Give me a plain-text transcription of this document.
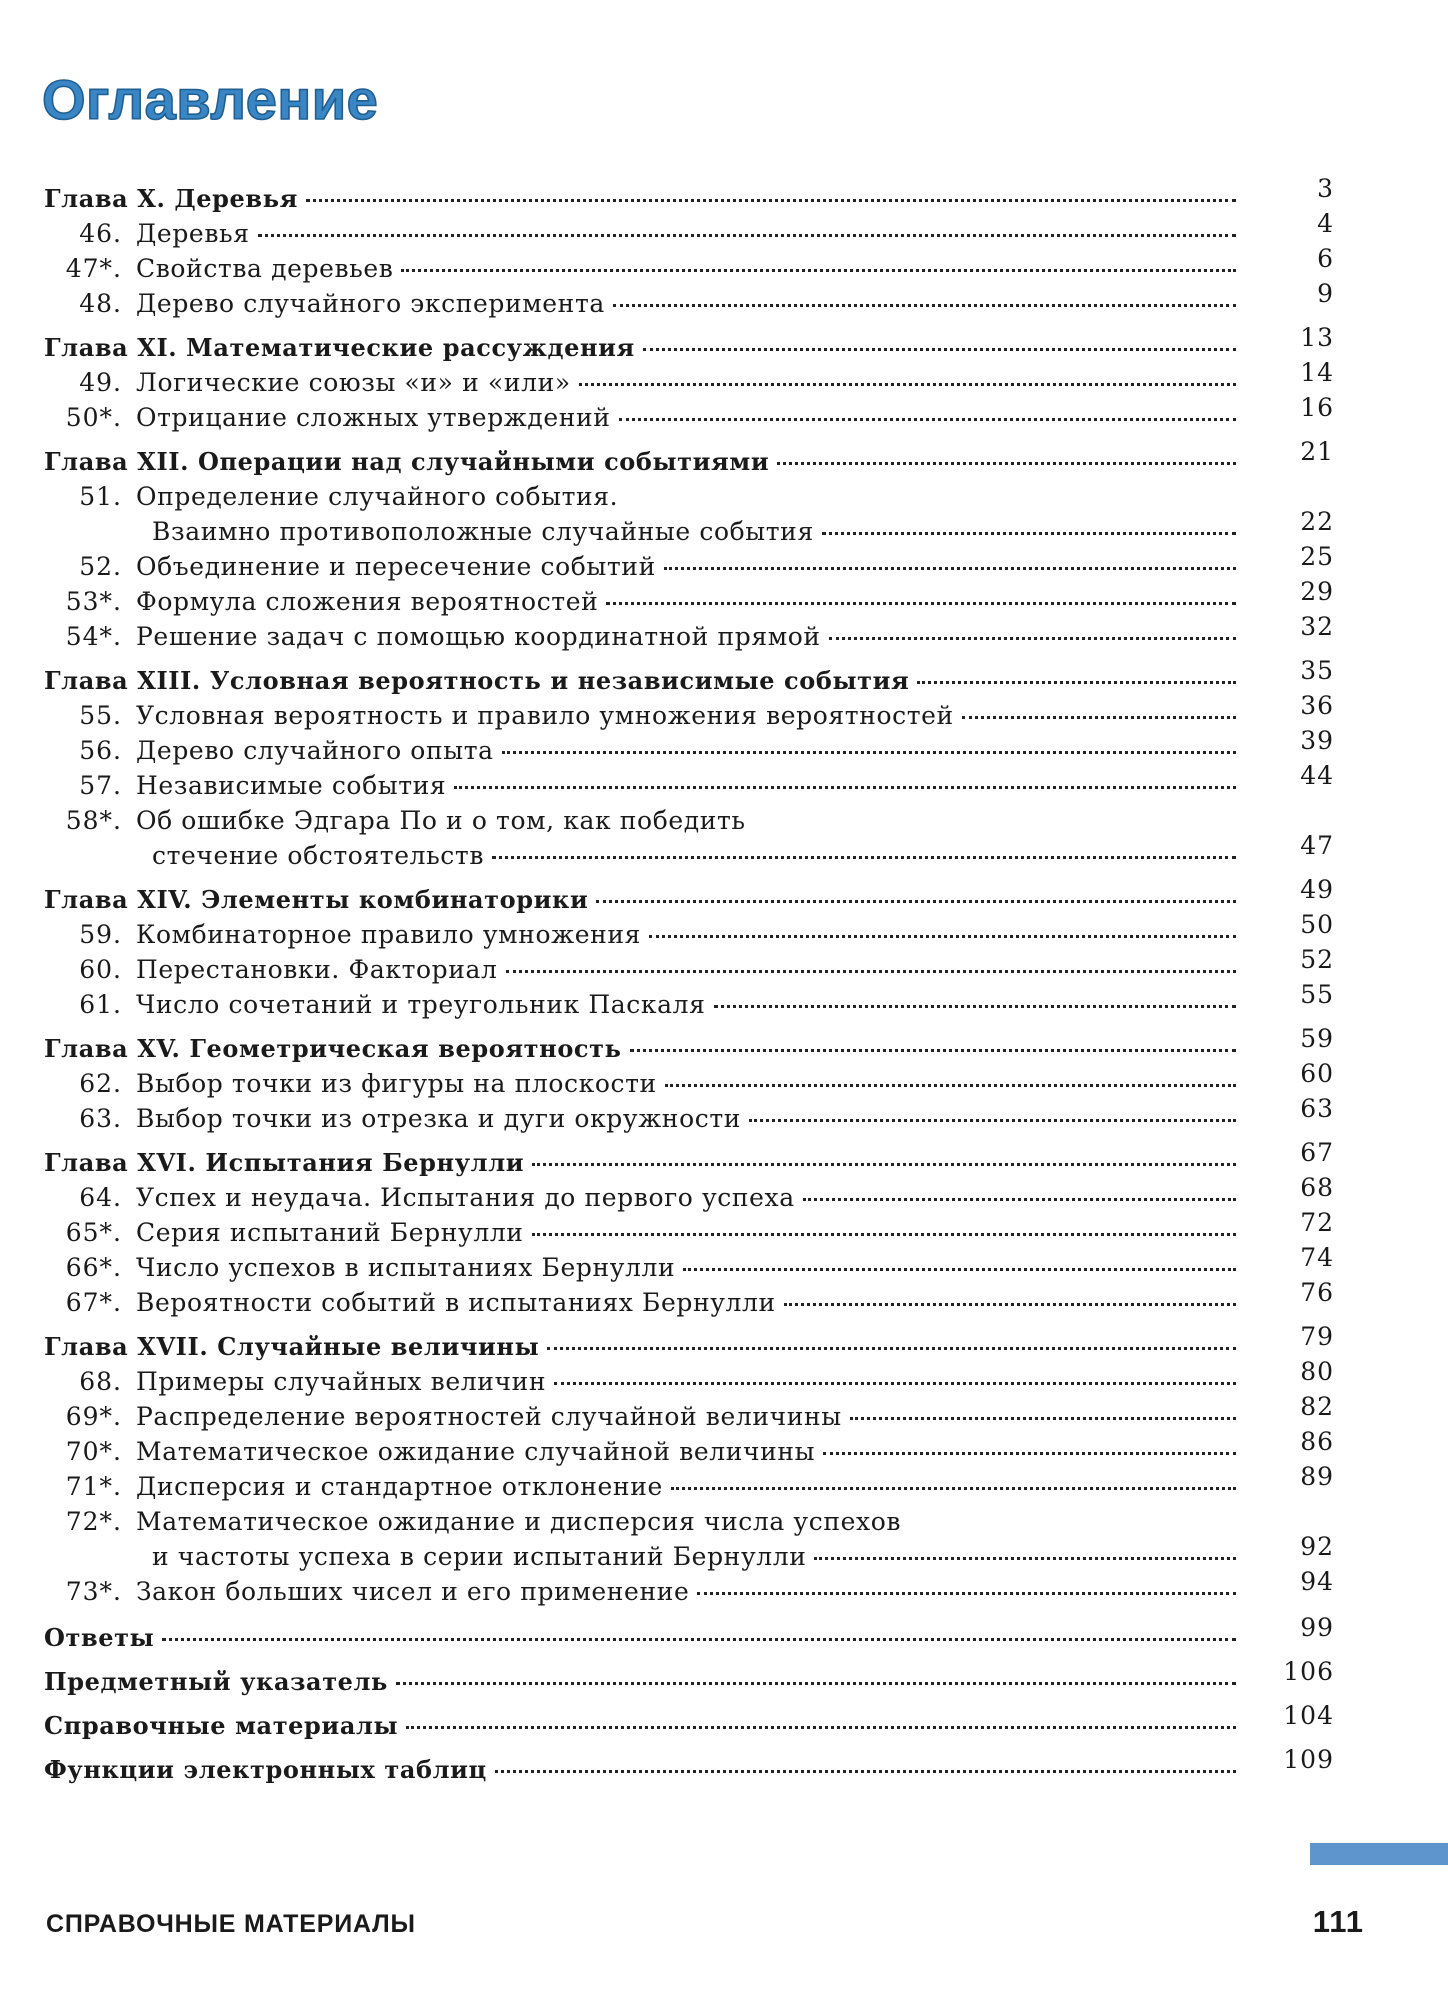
Оглавление
Глава X. Деревья	3
46. Деревья	4
47*. Свойства деревьев	6
48. Дерево случайного эксперимента	9
Глава XI. Математические рассуждения	13
49. Логические союзы «и» и «или»	14
50*. Отрицание сложных утверждений	16
Глава XII. Операции над случайными событиями	21
51. Определение случайного события.
Взаимно противоположные случайные события	22
52. Объединение и пересечение событий	25
53*. Формула сложения вероятностей	29
54*. Решение задач с помощью координатной прямой	32
Глава XIII. Условная вероятность и независимые события	35
55. Условная вероятность и правило умножения вероятностей	36
56. Дерево случайного опыта	39
57. Независимые события	44
58*. Об ошибке Эдгара По и о том, как победить
стечение обстоятельств	47
Глава XIV. Элементы комбинаторики	49
59. Комбинаторное правило умножения	50
60. Перестановки. Факториал	52
61. Число сочетаний и треугольник Паскаля	55
Глава XV. Геометрическая вероятность	59
62. Выбор точки из фигуры на плоскости	60
63. Выбор точки из отрезка и дуги окружности	63
Глава XVI. Испытания Бернулли	67
64. Успех и неудача. Испытания до первого успеха	68
65*. Серия испытаний Бернулли	72
66*. Число успехов в испытаниях Бернулли	74
67*. Вероятности событий в испытаниях Бернулли	76
Глава XVII. Случайные величины	79
68. Примеры случайных величин	80
69*. Распределение вероятностей случайной величины	82
70*. Математическое ожидание случайной величины	86
71*. Дисперсия и стандартное отклонение	89
72*. Математическое ожидание и дисперсия числа успехов
и частоты успеха в серии испытаний Бернулли	92
73*. Закон больших чисел и его применение	94
Ответы	99
Предметный указатель	106
Справочные материалы	104
Функции электронных таблиц	109
СПРАВОЧНЫЕ МАТЕРИАЛЫ	111
